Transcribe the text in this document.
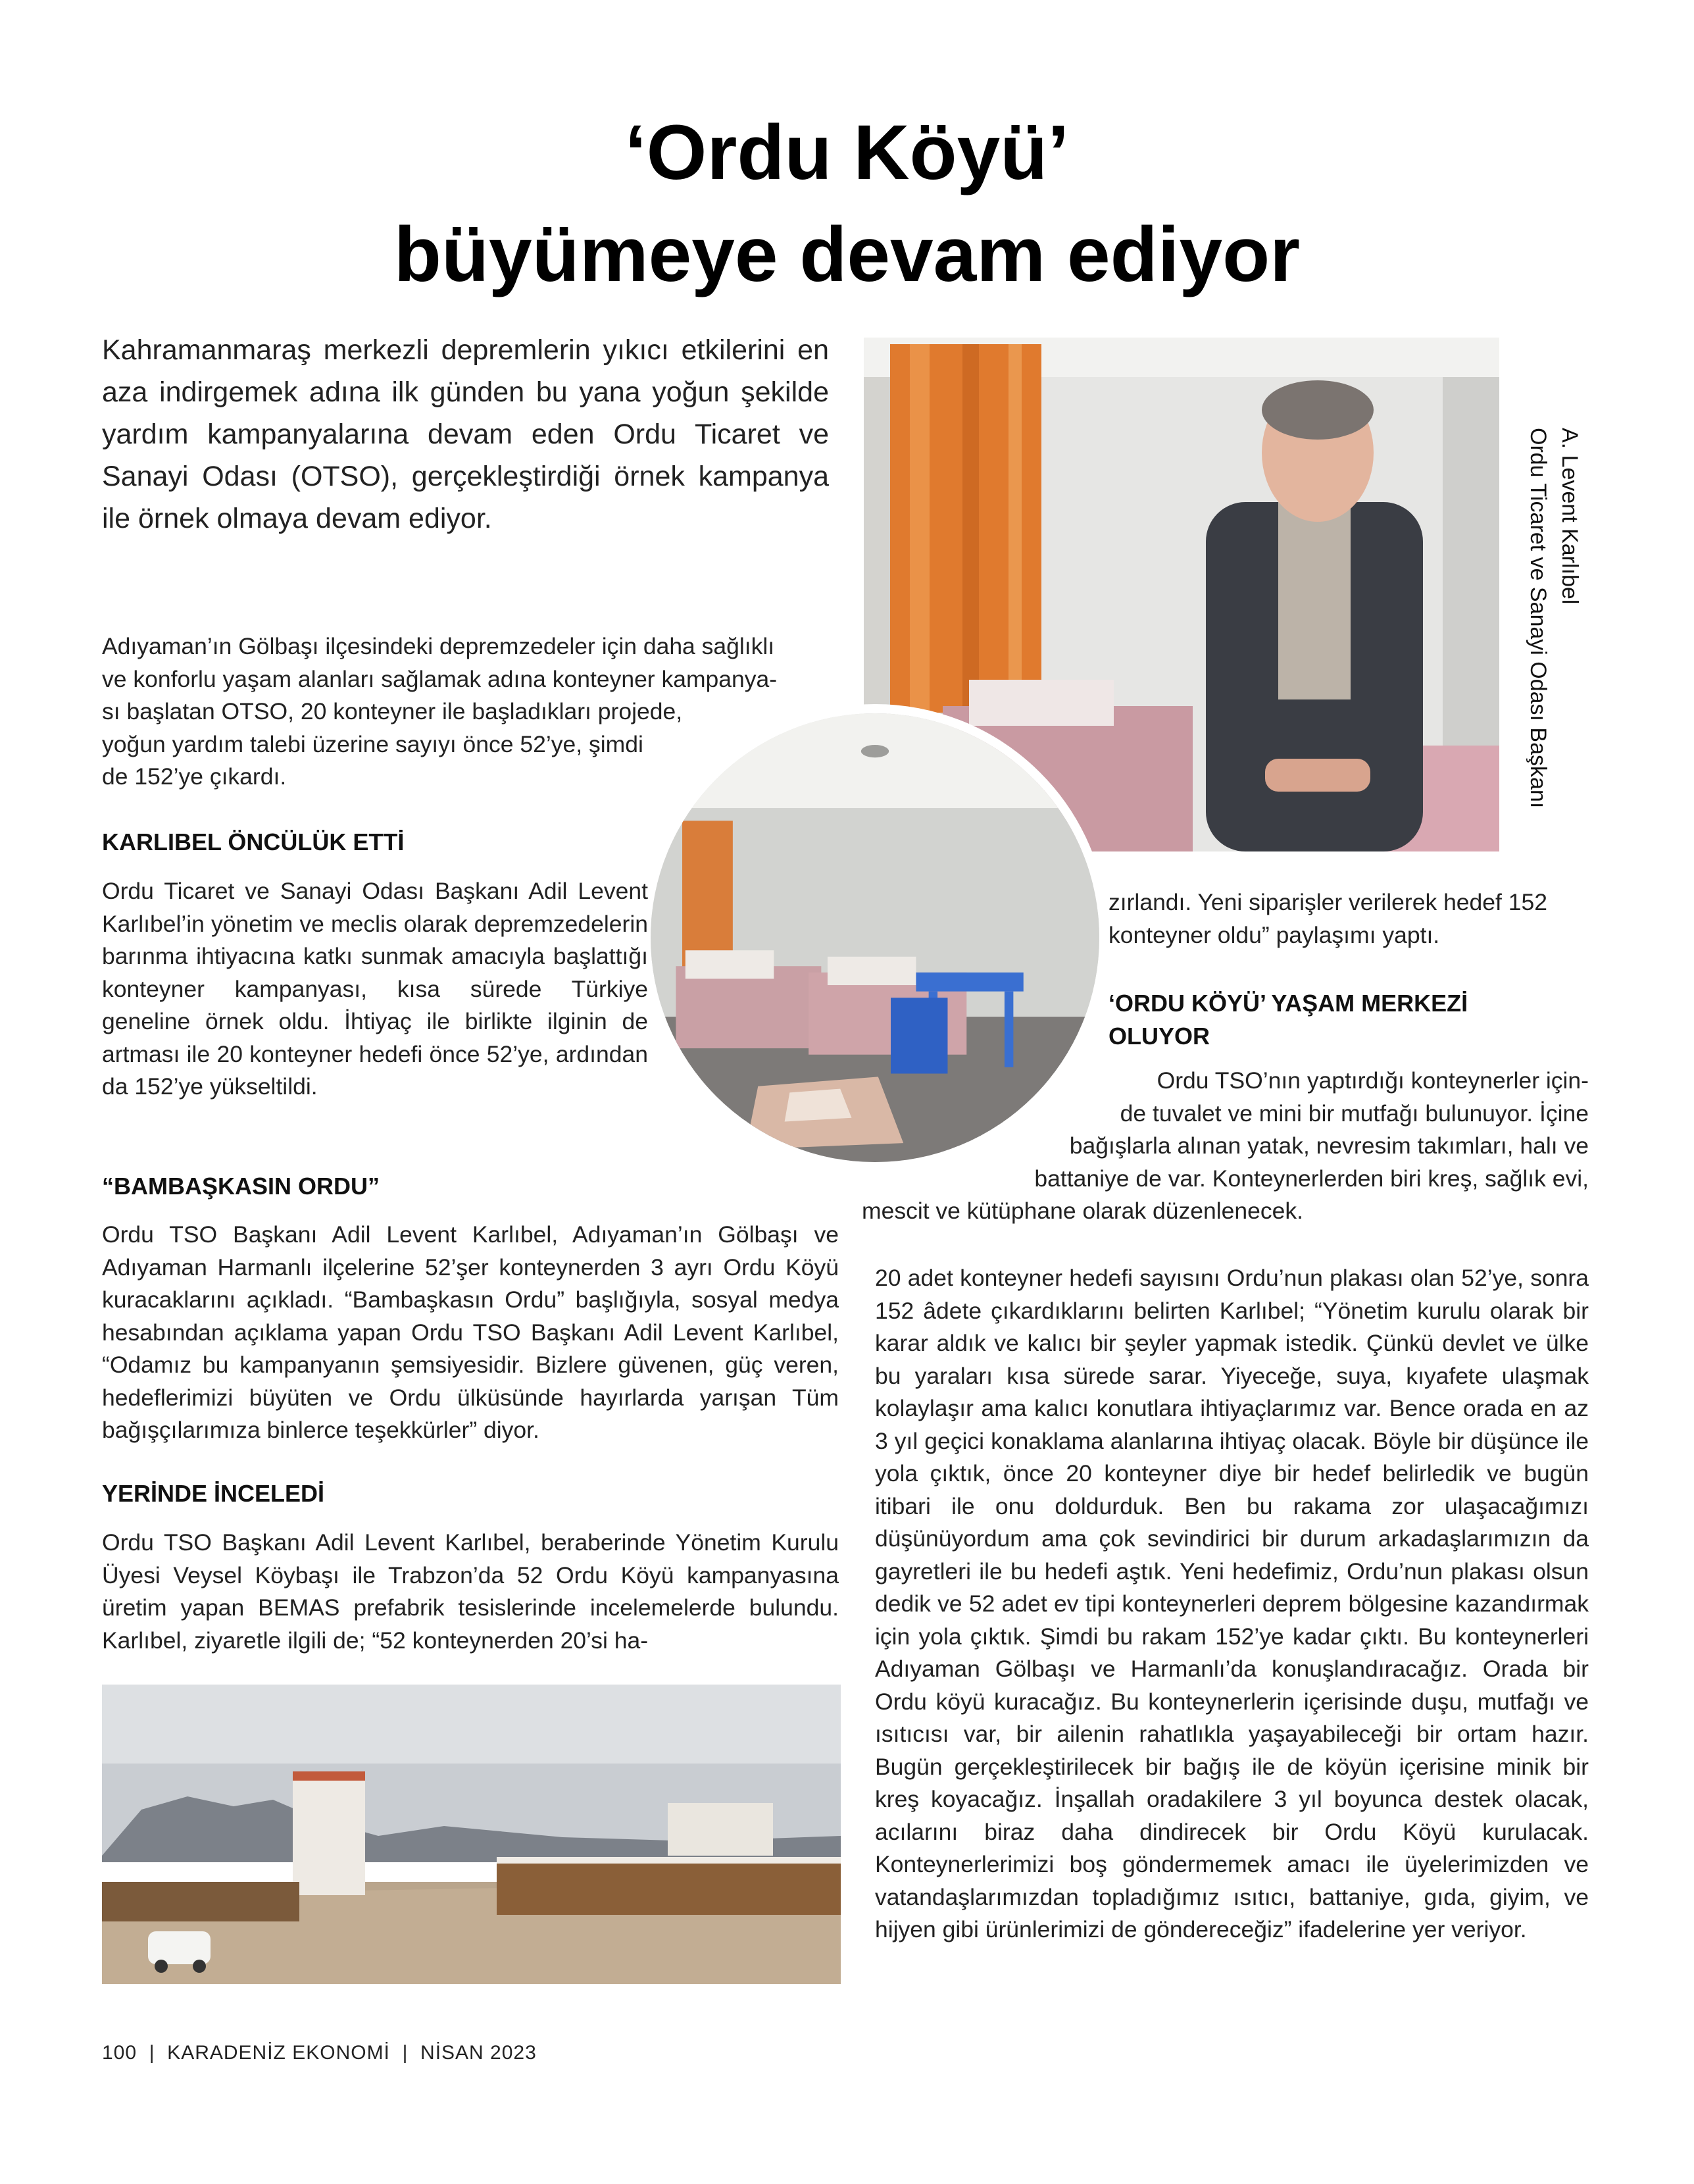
‘Ordu Köyü’
büyümeye devam ediyor

Kahramanmaraş merkezli depremlerin yıkıcı etkilerini en aza indirgemek adına ilk günden bu yana yoğun şekilde yardım kampanyalarına devam eden Ordu Ticaret ve Sanayi Odası (OTSO), gerçekleştirdiği örnek kampanya ile örnek olmaya devam ediyor.	A. Levent Karlıbel
Ordu Ticaret ve Sanayi Odası Başkanı
Adıyaman’ın Gölbaşı ilçesindeki depremzedeler için daha sağlıklı
ve konforlu yaşam alanları sağlamak adına konteyner kampanya-
sı başlatan OTSO, 20 konteyner ile başladıkları projede,
yoğun yardım talebi üzerine sayıyı önce 52’ye, şimdi
de 152’ye çıkardı.
KARLIBEL ÖNCÜLÜK ETTİ

Ordu Ticaret ve Sanayi Odası Başkanı Adil Levent Karlıbel’in yönetim ve meclis olarak depremzedelerin barınma ihtiyacına katkı sunmak amacıyla başlattığı konteyner kampanyası, kısa sürede Türkiye geneline örnek oldu. İhtiyaç ile birlikte ilginin de artması ile 20 konteyner hedefi önce 52’ye, ardından da 152’ye yükseltildi.

“BAMBAŞKASIN ORDU”

Ordu TSO Başkanı Adil Levent Karlıbel, Adıyaman’ın Gölbaşı ve Adıyaman Harmanlı ilçelerine 52’şer konteynerden 3 ayrı Ordu Köyü kuracaklarını açıkladı. “Bambaşkasın Ordu” başlığıyla, sosyal medya hesabından açıklama yapan Ordu TSO Başkanı Adil Levent Karlıbel, “Odamız bu kampanyanın şemsiyesidir. Bizlere güvenen, güç veren, hedeflerimizi büyüten ve Ordu ülküsünde hayırlarda yarışan Tüm bağışçılarımıza binlerce teşekkürler” diyor.

YERİNDE İNCELEDİ

Ordu TSO Başkanı Adil Levent Karlıbel, beraberinde Yönetim Kurulu Üyesi Veysel Köybaşı ile Trabzon’da 52 Ordu Köyü kampanyasına üretim yapan BEMAS prefabrik tesislerinde incelemelerde bulundu. Karlıbel, ziyaretle ilgili de; “52 konteynerden 20’si ha-

zırlandı. Yeni siparişler verilerek hedef 152
konteyner oldu” paylaşımı yaptı.
‘ORDU KÖYÜ’ YAŞAM MERKEZİ
OLUYOR
Ordu TSO’nın yaptırdığı konteynerler için-
de tuvalet ve mini bir mutfağı bulunuyor. İçine
bağışlarla alınan yatak, nevresim takımları, halı ve
battaniye de var. Konteynerlerden biri kreş, sağlık evi,
mescit ve kütüphane olarak düzenlenecek.

20 adet konteyner hedefi sayısını Ordu’nun plakası olan 52’ye, sonra 152 âdete çıkardıklarını belirten Karlıbel; “Yönetim kurulu olarak bir karar aldık ve kalıcı bir şeyler yapmak istedik. Çünkü devlet ve ülke bu yaraları kısa sürede sarar. Yiyeceğe, suya, kıyafete ulaşmak kolaylaşır ama kalıcı konutlara ihtiyaçlarımız var. Bence orada en az 3 yıl geçici konaklama alanlarına ihtiyaç olacak. Böyle bir düşünce ile yola çıktık, önce 20 konteyner diye bir hedef belirledik ve bugün itibari ile onu doldurduk. Ben bu rakama zor ulaşacağımızı düşünüyordum ama çok sevindirici bir durum arkadaşlarımızın da gayretleri ile bu hedefi aştık. Yeni hedefimiz, Ordu’nun plakası olsun dedik ve 52 adet ev tipi konteynerleri deprem bölgesine kazandırmak için yola çıktık. Şimdi bu rakam 152’ye kadar çıktı. Bu konteynerleri Adıyaman Gölbaşı ve Harmanlı’da konuşlandıracağız. Orada bir Ordu köyü kuracağız. Bu konteynerlerin içerisinde duşu, mutfağı ve ısıtıcısı var, bir ailenin rahatlıkla yaşayabileceği bir ortam hazır. Bugün gerçekleştirilecek bir bağış ile de köyün içerisine minik bir kreş koyacağız. İnşallah oradakilere 3 yıl boyunca destek olacak, acılarını biraz daha dindirecek bir Ordu Köyü kurulacak. Konteynerlerimizi boş göndermemek amacı ile üyelerimizden ve vatandaşlarımızdan topladığımız ısıtıcı, battaniye, gıda, giyim, ve hijyen gibi ürünlerimizi de göndereceğiz” ifadelerine yer veriyor.

100  |  KARADENİZ EKONOMİ  |  NİSAN 2023
